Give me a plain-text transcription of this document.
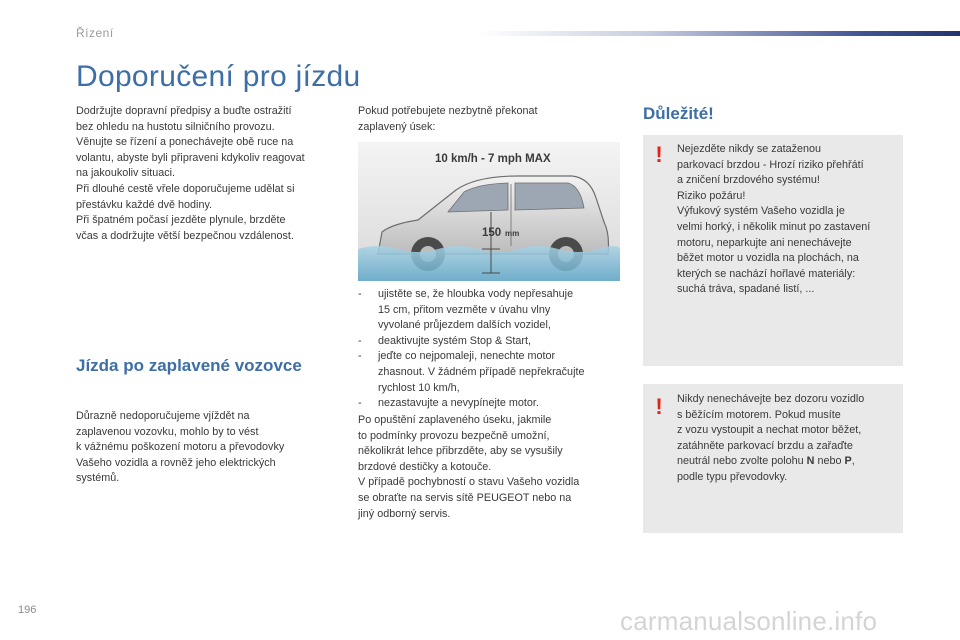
Řízení
Doporučení pro jízdu
Dodržujte dopravní předpisy a buďte ostražití
bez ohledu na hustotu silničního provozu.
Věnujte se řízení a ponechávejte obě ruce na
volantu, abyste byli připraveni kdykoliv reagovat
na jakoukoliv situaci.
Při dlouhé cestě vřele doporučujeme udělat si
přestávku každé dvě hodiny.
Při špatném počasí jezděte plynule, brzděte
včas a dodržujte větší bezpečnou vzdálenost.
Jízda po zaplavené vozovce
Důrazně nedoporučujeme vjíždět na
zaplavenou vozovku, mohlo by to vést
k vážnému poškození motoru a převodovky
Vašeho vozidla a rovněž jeho elektrických
systémů.
Pokud potřebujete nezbytně překonat
zaplavený úsek:
10 km/h - 7 mph MAX
150 mm
- ujistěte se, že hloubka vody nepřesahuje
15 cm, přitom vezměte v úvahu vlny
vyvolané průjezdem dalších vozidel,
- deaktivujte systém Stop & Start,
- jeďte co nejpomaleji, nenechte motor
zhasnout. V žádném případě nepřekračujte
rychlost 10 km/h,
- nezastavujte a nevypínejte motor.
Po opuštění zaplaveného úseku, jakmile
to podmínky provozu bezpečně umožní,
několikrát lehce přibrzděte, aby se vysušily
brzdové destičky a kotouče.
V případě pochybností o stavu Vašeho vozidla
se obraťte na servis sítě PEUGEOT nebo na
jiný odborný servis.
Důležité!
!	Nejezděte nikdy se zataženou
parkovací brzdou - Hrozí riziko přehřátí
a zničení brzdového systému!
Riziko požáru!
Výfukový systém Vašeho vozidla je
velmi horký, i několik minut po zastavení
motoru, neparkujte ani nenechávejte
běžet motor u vozidla na plochách, na
kterých se nachází hořlavé materiály:
suchá tráva, spadané listí, ...
!	Nikdy nenechávejte bez dozoru vozidlo
s běžícím motorem. Pokud musíte
z vozu vystoupit a nechat motor běžet,
zatáhněte parkovací brzdu a zařaďte
neutrál nebo zvolte polohu N nebo P,
podle typu převodovky.
196	carmanualsonline.info
